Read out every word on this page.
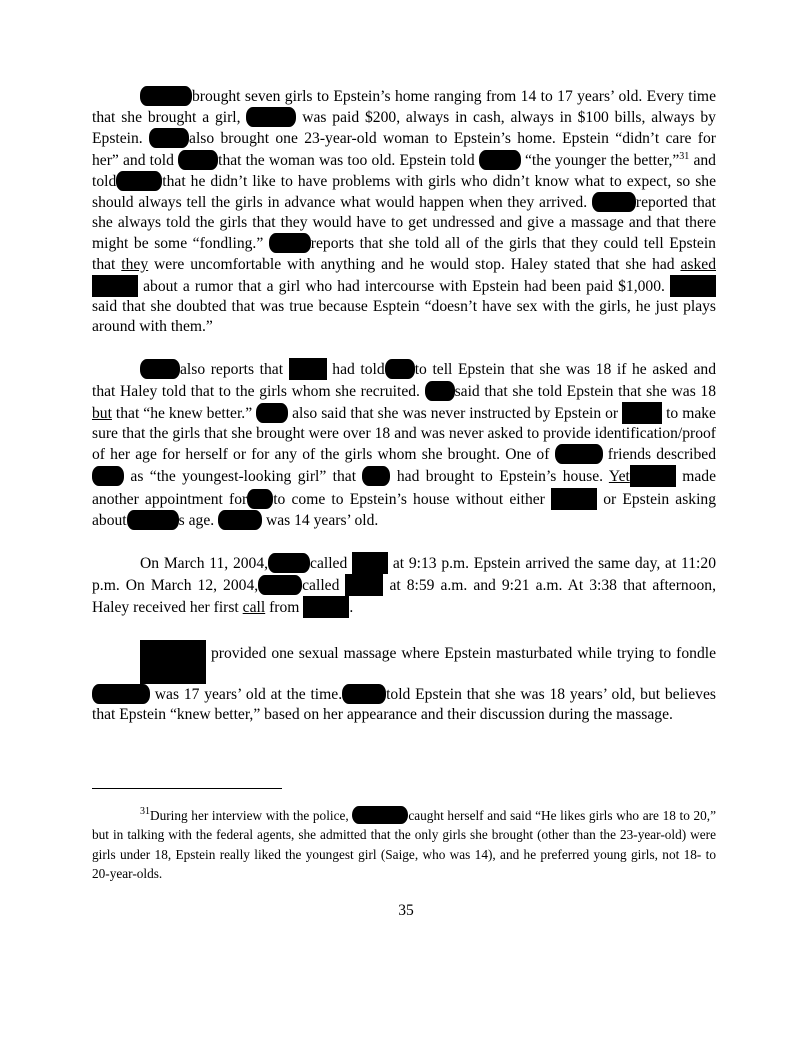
brought seven girls to Epstein’s home ranging from 14 to 17 years’ old. Every time that she brought a girl,	was paid $200, always in cash, always in $100 bills, always by Epstein.	also brought one 23-year-old woman to Epstein’s home. Epstein “didn’t care for her” and told	that the woman was too old. Epstein told	“the younger the better,”$^{31}$ and told	that he didn’t like to have problems with girls who didn’t know what to expect, so she should always tell the girls in advance what would happen when they arrived.	reported that she always told the girls that they would have to get undressed and give a massage and that there might be some “fondling.”	reports that she told all of the girls that they could tell Epstein that they were uncomfortable with anything and he would stop. Haley stated that she had asked about a rumor that a girl who had intercourse with Epstein had been paid $1,000.  said that she doubted that was true because Esptein “doesn’t have sex with the girls, he just plays around with them.”

also reports that	had told to tell Epstein that she was 18 if he asked and that Haley told that to the girls whom she recruited. said that she told Epstein that she was 18 but that “he knew better.”	also said that she was never instructed by Epstein or	to make sure that the girls that she brought were over 18 and was never asked to provide identification/proof of her age for herself or for any of the girls whom she brought. One of	friends described as “the youngest-looking girl” that	had brought to Epstein’s house. Yet	made another appointment for to come to Epstein’s house without either	or Epstein asking about	s age.	was 14 years’ old.

On March 11, 2004,	called	at 9:13 p.m. Epstein arrived the same day, at 11:20 p.m. On March 12, 2004,	called	at 8:59 a.m. and 9:21 a.m. At 3:38 that afternoon, Haley received her first call from	.

provided one sexual massage where Epstein masturbated while trying to fondle  was 17 years’ old at the time.	told Epstein that she was 18 years’ old, but believes that Epstein “knew better,” based on her appearance and their discussion during the massage.

$^{31}$During her interview with the police,	caught herself and said “He likes girls who are 18 to 20,” but in talking with the federal agents, she admitted that the only girls she brought (other than the 23-year-old) were girls under 18, Epstein really liked the youngest girl (Saige, who was 14), and he preferred young girls, not 18- to 20-year-olds.

35
